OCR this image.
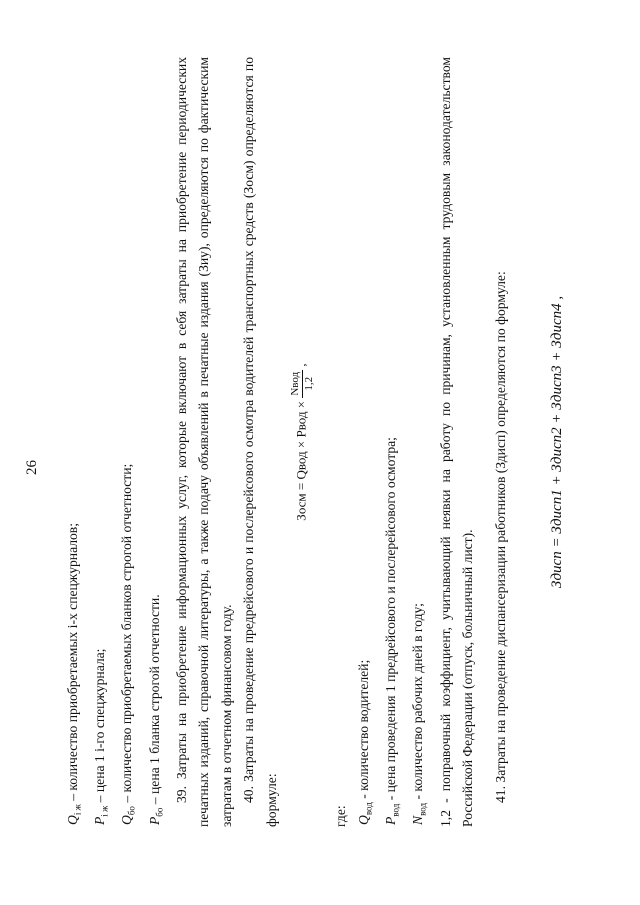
26

$Q_{i ж}$ – количество приобретаемых i-х спецжурналов;

$P_{i ж}$ – цена 1 i-го спецжурнала;

$Q_{бо}$ – количество приобретаемых бланков строгой отчетности;

$P_{бо}$ – цена 1 бланка строгой отчетности. 39. Затраты на приобретение информационных услуг, которые включают в себя затраты на приобретение периодических печатных изданий, справочной литературы, а также подачу объявлений в печатные издания (Зиу), определяются по фактическим затратам в отчетном финансовом году. 40. Затраты на проведение предрейсового и послерейсового осмотра водителей транспортных средств (Зосм) определяются по формуле:

Зосм = Qвод × Рвод ×
Nвод 1,2
,

где: $Q_{вод}$ - количество водителей;

$Р_{вод}$ - цена проведения 1 предрейсового и послерейсового осмотра;

$N_{вод}$ - количество рабочих дней в году; 1,2 - поправочный коэффициент, учитывающий неявки на работу по причинам, установленным трудовым законодательством Российской Федерации (отпуск, больничный лист).	41. Затраты на проведение диспансеризации работников (Здисп) определяются по формуле:	Здисп = Здисп1 + Здисп2 + Здисп3 + Здисп4 ,
